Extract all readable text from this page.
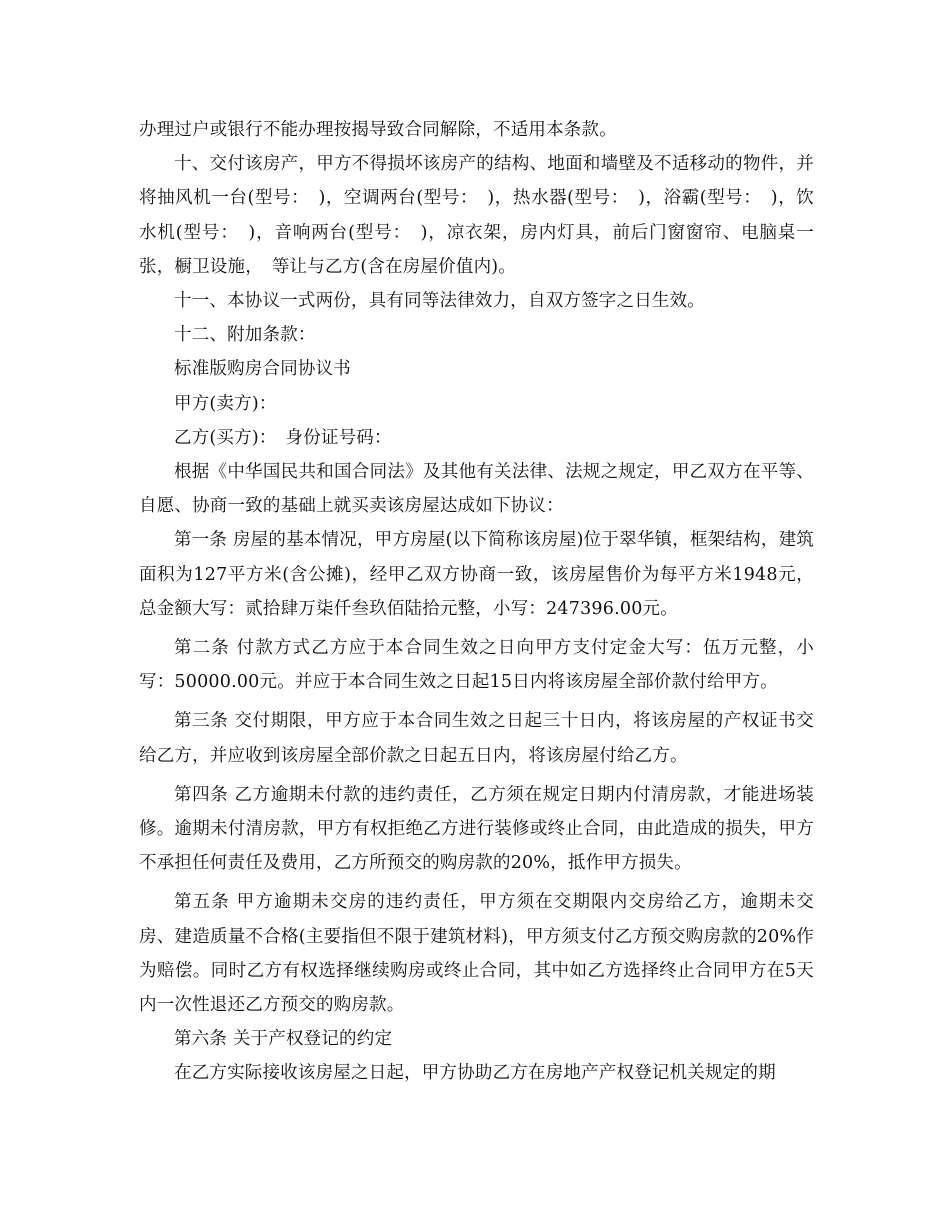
办理过户或银行不能办理按揭导致合同解除，不适用本条款。

十、交付该房产，甲方不得损坏该房产的结构、地面和墙壁及不适移动的物件，并将抽风机一台(型号：　)，空调两台(型号：　)，热水器(型号：　)，浴霸(型号：　)，饮水机(型号：　)，音响两台(型号：　)，凉衣架，房内灯具，前后门窗窗帘、电脑桌一张，橱卫设施，　等让与乙方(含在房屋价值内)。

十一、本协议一式两份，具有同等法律效力，自双方签字之日生效。

十二、附加条款：

标准版购房合同协议书

甲方(卖方)：

乙方(买方)：　身份证号码：

根据《中华国民共和国合同法》及其他有关法律、法规之规定，甲乙双方在平等、自愿、协商一致的基础上就买卖该房屋达成如下协议：

第一条 房屋的基本情况，甲方房屋(以下简称该房屋)位于翠华镇，框架结构，建筑面积为127平方米(含公摊)，经甲乙双方协商一致，该房屋售价为每平方米1948元，总金额大写：贰拾肆万柒仟叁玖佰陆拾元整，小写：247396.00元。

第二条 付款方式乙方应于本合同生效之日向甲方支付定金大写：伍万元整，小写：50000.00元。并应于本合同生效之日起15日内将该房屋全部价款付给甲方。

第三条 交付期限，甲方应于本合同生效之日起三十日内，将该房屋的产权证书交给乙方，并应收到该房屋全部价款之日起五日内，将该房屋付给乙方。

第四条 乙方逾期未付款的违约责任，乙方须在规定日期内付清房款，才能进场装修。逾期未付清房款，甲方有权拒绝乙方进行装修或终止合同，由此造成的损失，甲方不承担任何责任及费用，乙方所预交的购房款的20%，抵作甲方损失。

第五条 甲方逾期未交房的违约责任，甲方须在交期限内交房给乙方，逾期未交房、建造质量不合格(主要指但不限于建筑材料)，甲方须支付乙方预交购房款的20%作为赔偿。同时乙方有权选择继续购房或终止合同，其中如乙方选择终止合同甲方在5天内一次性退还乙方预交的购房款。

第六条 关于产权登记的约定

在乙方实际接收该房屋之日起，甲方协助乙方在房地产产权登记机关规定的期
